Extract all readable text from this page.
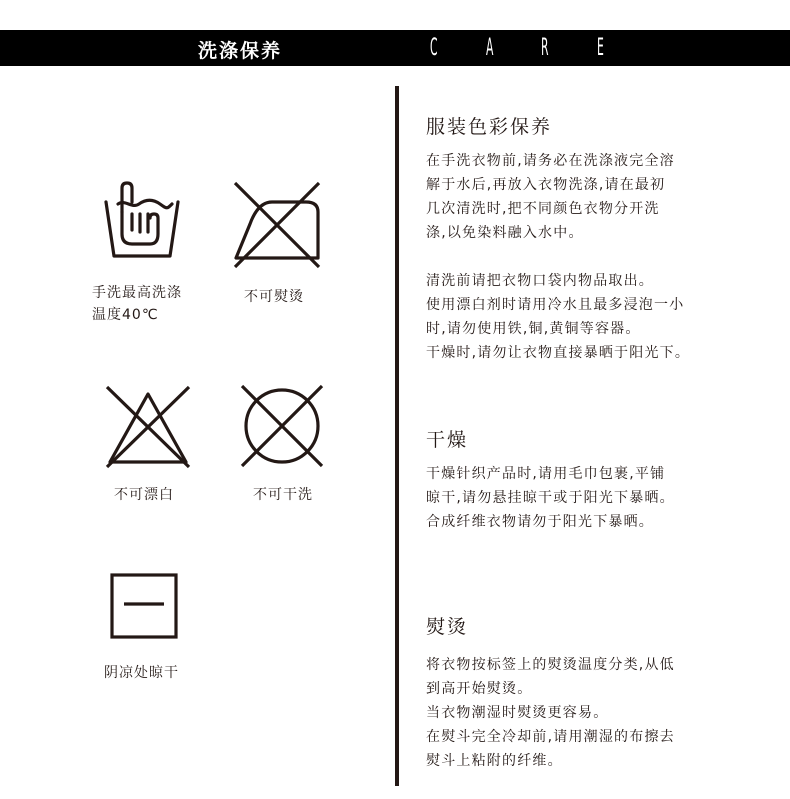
洗涤保养	C A R E
手洗最高洗涤
温度40℃
不可熨烫
不可漂白	不可干洗
阴凉处晾干
服装色彩保养

在手洗衣物前,请务必在洗涤液完全溶

解于水后,再放入衣物洗涤,请在最初

几次清洗时,把不同颜色衣物分开洗

涤,以免染料融入水中。

清洗前请把衣物口袋内物品取出。

使用漂白剂时请用冷水且最多浸泡一小

时,请勿使用铁,铜,黄铜等容器。

干燥时,请勿让衣物直接暴晒于阳光下。

干燥

干燥针织产品时,请用毛巾包裹,平铺

晾干,请勿悬挂晾干或于阳光下暴晒。

合成纤维衣物请勿于阳光下暴晒。

熨烫

将衣物按标签上的熨烫温度分类,从低

到高开始熨烫。

当衣物潮湿时熨烫更容易。

在熨斗完全冷却前,请用潮湿的布擦去

熨斗上粘附的纤维。
